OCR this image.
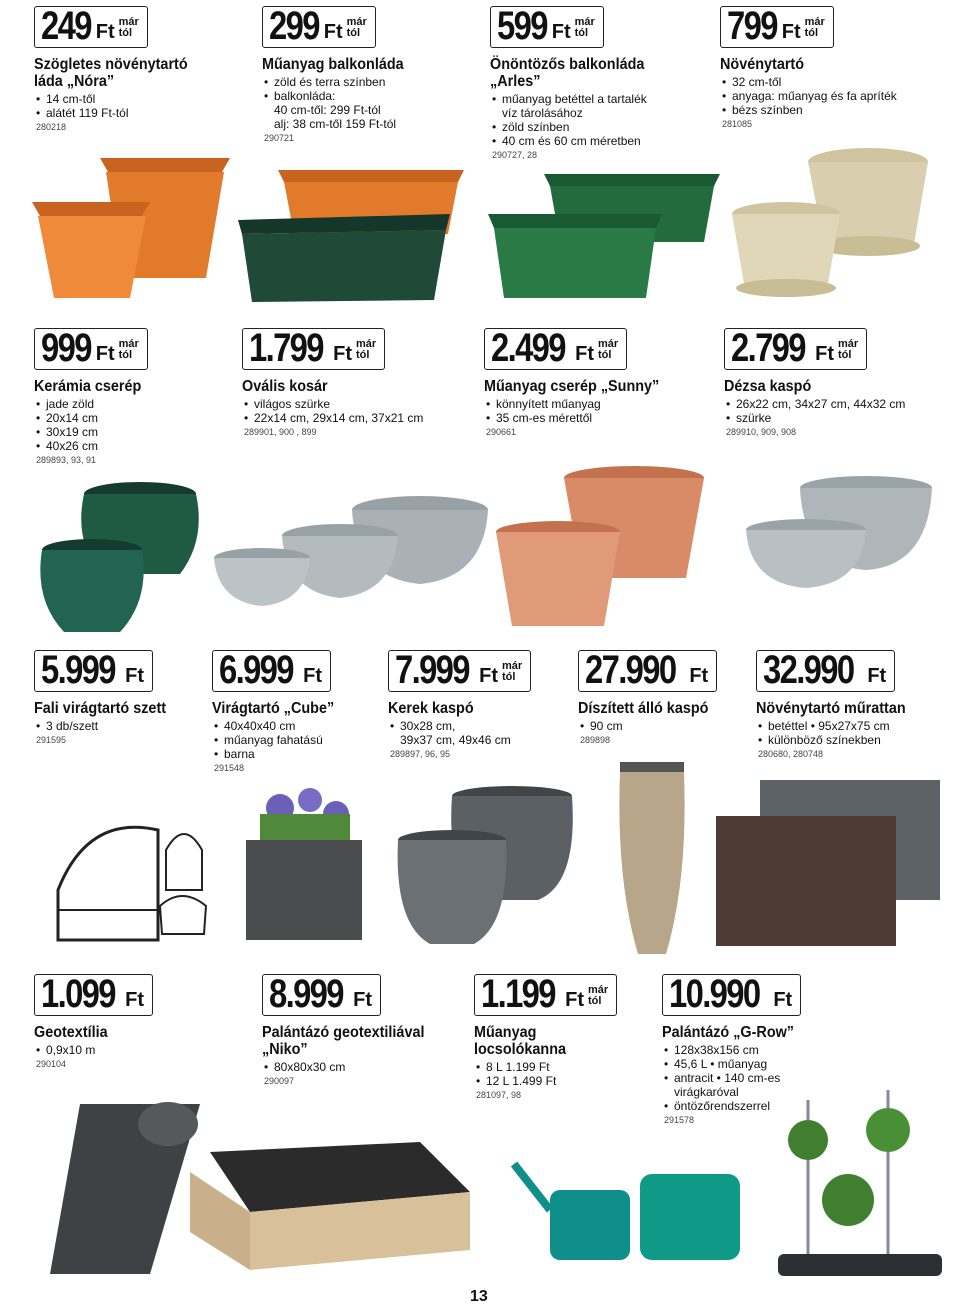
249 Ft már
tól
Szögletes növénytartó
láda „Nóra”
• 14 cm-től
• alátét 119 Ft-tól
280218
299 Ft már
tól
Műanyag balkonláda
• zöld és terra színben
• balkonláda:
40 cm-től: 299 Ft-tól
alj: 38 cm-től 159 Ft-tól
290721
599 Ft már
tól
Önöntözős balkonláda
„Arles”
• műanyag betéttel a tartalék
víz tárolásához
• zöld színben
• 40 cm és 60 cm méretben
290727, 28
799 Ft már
tól
Növénytartó
• 32 cm-től
• anyaga: műanyag és fa apríték
• bézs színben
281085
999 Ft már
tól
Kerámia cserép
• jade zöld
• 20x14 cm
• 30x19 cm
• 40x26 cm
289893, 93, 91
1.799 Ft már
tól
Ovális kosár
• világos szürke
• 22x14 cm, 29x14 cm, 37x21 cm
289901, 900 , 899
2.499 Ft már
tól
Műanyag cserép „Sunny”
• könnyített műanyag
• 35 cm-es mérettől
290661
2.799 Ft már
tól
Dézsa kaspó
• 26x22 cm, 34x27 cm, 44x32 cm
• szürke
289910, 909, 908
5.999 Ft
Fali virágtartó szett
• 3 db/szett
291595
6.999 Ft
Virágtartó „Cube”
• 40x40x40 cm
• műanyag fahatású
• barna
291548
7.999 Ft már
tól
Kerek kaspó
• 30x28 cm,
39x37 cm, 49x46 cm
289897, 96, 95
27.990 Ft
Díszített álló kaspó
• 90 cm
289898
32.990 Ft
Növénytartó műrattan
• betéttel • 95x27x75 cm
• különböző színekben
280680, 280748
1.099 Ft
Geotextília
• 0,9x10 m
290104
8.999 Ft
Palántázó geotextiliával
„Niko”
• 80x80x30 cm
290097
1.199 Ft már
tól
Műanyag
locsolókanna
• 8 L 1.199 Ft
• 12 L 1.499 Ft
281097, 98
10.990 Ft
Palántázó „G-Row”
• 128x38x156 cm
• 45,6 L • műanyag
• antracit • 140 cm-es
virágkaróval
• öntözőrendszerrel
291578
13
